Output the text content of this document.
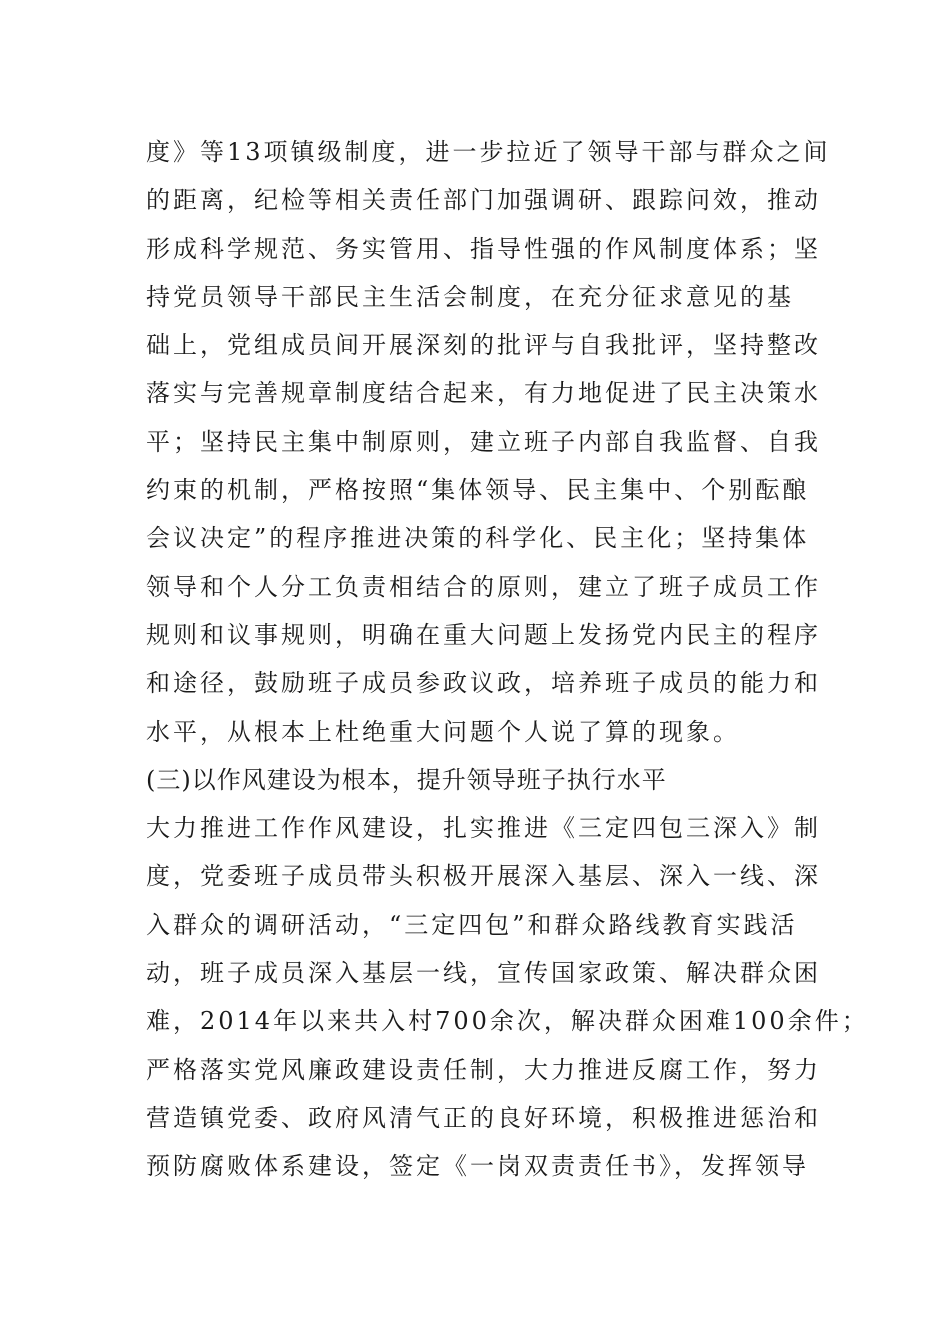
度》等13项镇级制度，进一步拉近了领导干部与群众之间
的距离，纪检等相关责任部门加强调研、跟踪问效，推动
形成科学规范、务实管用、指导性强的作风制度体系；坚
持党员领导干部民主生活会制度，在充分征求意见的基
础上，党组成员间开展深刻的批评与自我批评，坚持整改
落实与完善规章制度结合起来，有力地促进了民主决策水
平；坚持民主集中制原则，建立班子内部自我监督、自我
约束的机制，严格按照“集体领导、民主集中、个别酝酿
会议决定”的程序推进决策的科学化、民主化；坚持集体
领导和个人分工负责相结合的原则，建立了班子成员工作
规则和议事规则，明确在重大问题上发扬党内民主的程序
和途径，鼓励班子成员参政议政，培养班子成员的能力和
水平，从根本上杜绝重大问题个人说了算的现象。
(三)以作风建设为根本，提升领导班子执行水平
大力推进工作作风建设，扎实推进《三定四包三深入》制
度，党委班子成员带头积极开展深入基层、深入一线、深
入群众的调研活动，“三定四包”和群众路线教育实践活
动，班子成员深入基层一线，宣传国家政策、解决群众困
难，2014年以来共入村700余次，解决群众困难100余件；
严格落实党风廉政建设责任制，大力推进反腐工作，努力
营造镇党委、政府风清气正的良好环境，积极推进惩治和
预防腐败体系建设，签定《一岗双责责任书》，发挥领导
